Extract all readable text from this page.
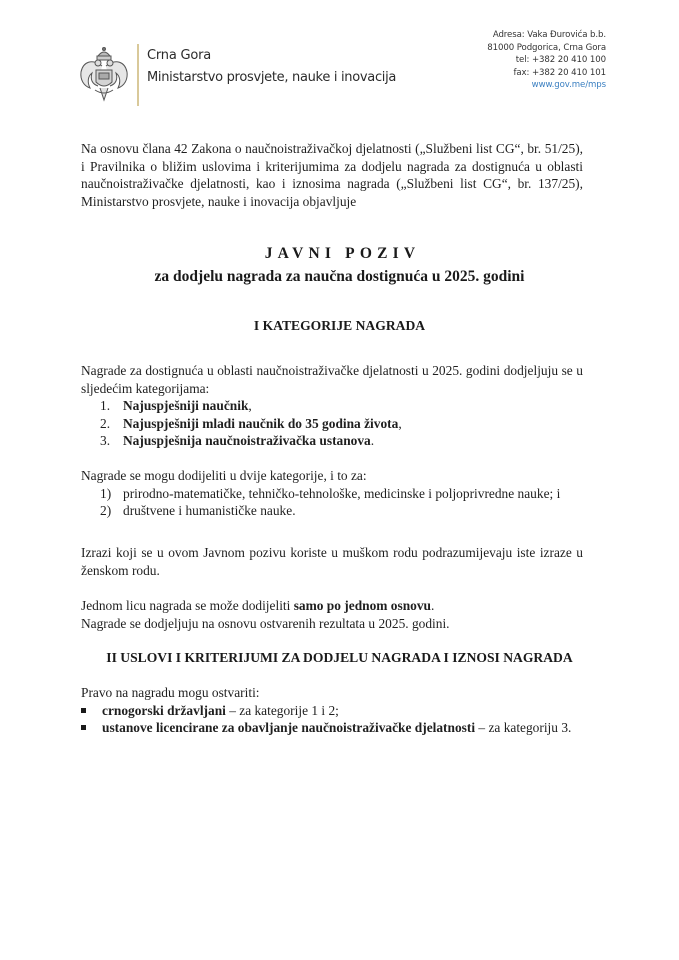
Crna Gora
Ministarstvo prosvjete, nauke i inovacija
Adresa: Vaka Đurovića b.b.
81000 Podgorica, Crna Gora
tel: +382 20 410 100
fax: +382 20 410 101
www.gov.me/mps
Na osnovu člana 42 Zakona o naučnoistraživačkoj djelatnosti („Službeni list CG“, br. 51/25),
i Pravilnika o bližim uslovima i kriterijumima za dodjelu nagrada za dostignuća u oblasti
naučnoistraživačke djelatnosti, kao i iznosima nagrada („Službeni list CG“, br. 137/25),
Ministarstvo prosvjete, nauke i inovacija objavljuje
JAVNI POZIV
za dodjelu nagrada za naučna dostignuća u 2025. godini
I KATEGORIJE NAGRADA
Nagrade za dostignuća u oblasti naučnoistraživačke djelatnosti u 2025. godini dodjeljuju se u
sljedećim kategorijama:
1. Najuspješniji naučnik,
2. Najuspješniji mladi naučnik do 35 godina života,
3. Najuspješnija naučnoistraživačka ustanova.
Nagrade se mogu dodijeliti u dvije kategorije, i to za:
1) prirodno-matematičke, tehničko-tehnološke, medicinske i poljoprivredne nauke; i
2) društvene i humanističke nauke.
Izrazi koji se u ovom Javnom pozivu koriste u muškom rodu podrazumijevaju iste izraze u
ženskom rodu.
Jednom licu nagrada se može dodijeliti samo po jednom osnovu.
Nagrade se dodjeljuju na osnovu ostvarenih rezultata u 2025. godini.
II USLOVI I KRITERIJUMI ZA DODJELU NAGRADA I IZNOSI NAGRADA
Pravo na nagradu mogu ostvariti:
crnogorski državljani – za kategorije 1 i 2;
ustanove licencirane za obavljanje naučnoistraživačke djelatnosti – za kategoriju 3.
